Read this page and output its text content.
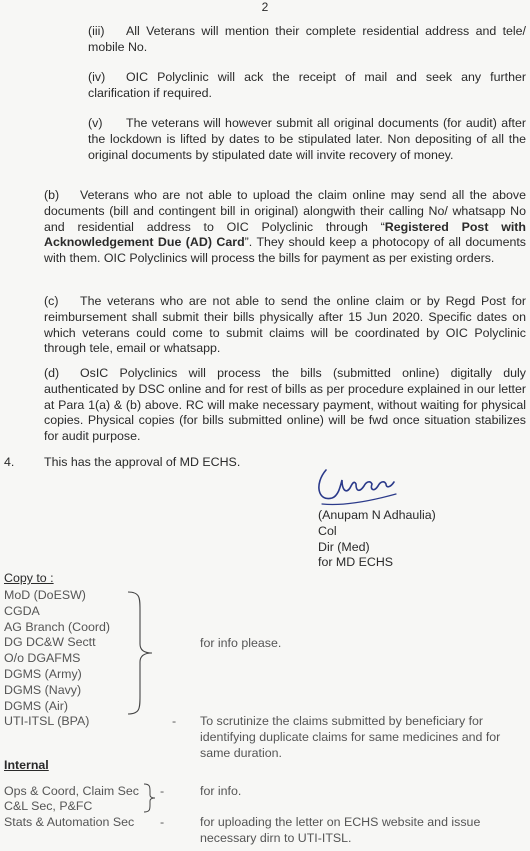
2
(iii) All Veterans will mention their complete residential address and tele/ mobile No.
(iv) OIC Polyclinic will ack the receipt of mail and seek any further clarification if required.
(v) The veterans will however submit all original documents (for audit) after the lockdown is lifted by dates to be stipulated later. Non depositing of all the original documents by stipulated date will invite recovery of money.
(b) Veterans who are not able to upload the claim online may send all the above documents (bill and contingent bill in original) alongwith their calling No/ whatsapp No and residential address to OIC Polyclinic through “Registered Post with Acknowledgement Due (AD) Card”. They should keep a photocopy of all documents with them. OIC Polyclinics will process the bills for payment as per existing orders.
(c) The veterans who are not able to send the online claim or by Regd Post for reimbursement shall submit their bills physically after 15 Jun 2020. Specific dates on which veterans could come to submit claims will be coordinated by OIC Polyclinic through tele, email or whatsapp.
(d) OsIC Polyclinics will process the bills (submitted online) digitally duly authenticated by DSC online and for rest of bills as per procedure explained in our letter at Para 1(a) & (b) above. RC will make necessary payment, without waiting for physical copies. Physical copies (for bills submitted online) will be fwd once situation stabilizes for audit purpose.
4. This has the approval of MD ECHS.
(Anupam N Adhaulia)
Col
Dir (Med)
for MD ECHS
Copy to :
MoD (DoESW)
CGDA
AG Branch (Coord)
DG DC&W Sectt
O/o DGAFMS
DGMS (Army)
DGMS (Navy)
DGMS (Air)
for info please.
UTI-ITSL (BPA)	- To scrutinize the claims submitted by beneficiary for identifying duplicate claims for same medicines and for same duration.
Internal
Ops & Coord, Claim Sec
C&L Sec, P&FC
-	for info.
Stats & Automation Sec -	for uploading the letter on ECHS website and issue necessary dirn to UTI-ITSL.
